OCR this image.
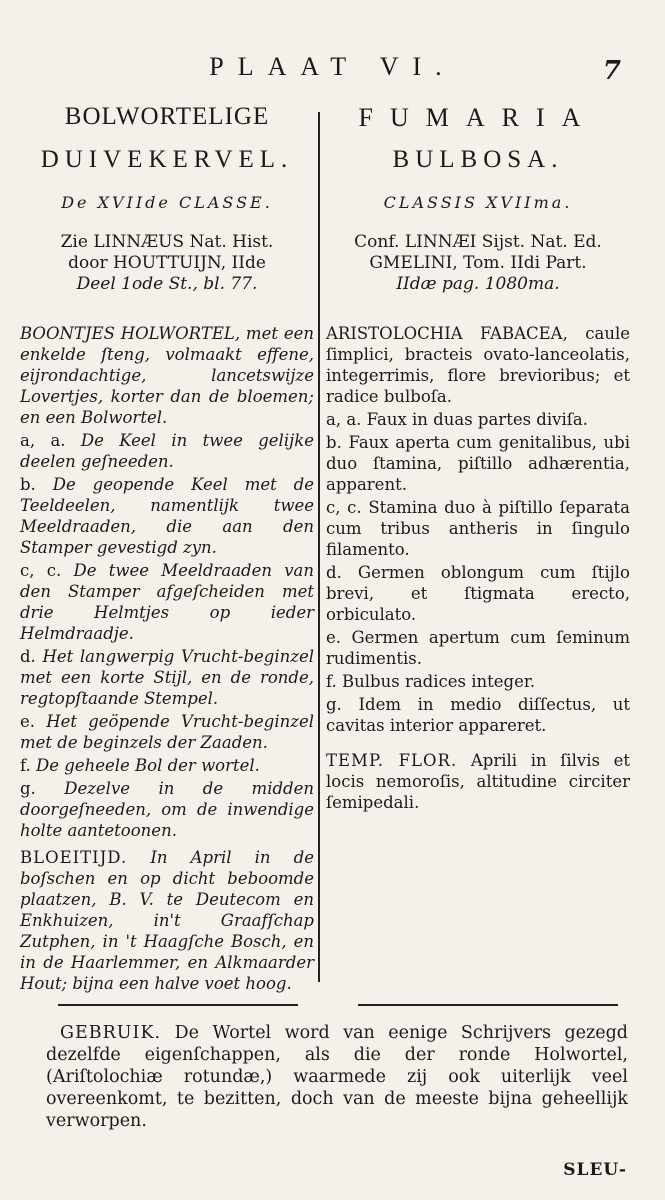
PLAAT VI.	7
BOLWORTELIGE
DUIVEKERVEL.
De XVIIde CLASSE.
Zie LINNÆUS Nat. Hist.
door HOUTTUIJN, IIde
Deel 1ode St., bl. 77.
BOONTJES HOLWORTEL, met een enkelde ſteng, volmaakt effene, eijrondachtige, lancetswijze Lovertjes, korter dan de bloemen; en een Bolwortel.
a, a. De Keel in twee gelijke deelen geſneeden.
b. De geopende Keel met de Teeldeelen, namentlijk twee Meeldraaden, die aan den Stamper gevestigd zyn.
c, c. De twee Meeldraaden van den Stamper afgeſcheiden met drie Helmtjes op ieder Helmdraadje.
d. Het langwerpig Vrucht-beginzel met een korte Stijl, en de ronde, regtopſtaande Stempel.
e. Het geöpende Vrucht-beginzel met de beginzels der Zaaden.
f. De geheele Bol der wortel.
g. Dezelve in de midden doorgeſneeden, om de inwendige holte aantetoonen.
BLOEITIJD. In April in de boſschen en op dicht beboomde plaatzen, B. V. te Deutecom en Enkhuizen, in't Graafſchap Zutphen, in 't Haagſche Bosch, en in de Haarlemmer, en Alkmaarder Hout; bijna een halve voet hoog.
FUMARIA
BULBOSA.
CLASSIS XVIIma.
Conf. LINNÆI Sijst. Nat. Ed.
GMELINI, Tom. IIdi Part.
IIdæ pag. 1080ma.
ARISTOLOCHIA FABACEA, caule ſimplici, bracteis ovato-lanceolatis, integerrimis, flore breviοribus; et radice bulboſa.
a, a. Faux in duas partes diviſa.
b. Faux aperta cum genitalibus, ubi duo ſtamina, piſtillo adhærentia, apparent.
c, c. Stamina duo à piſtillo ſeparata cum tribus antheris in ſingulo filamento.
d. Germen oblongum cum ſtijlo brevi, et ſtigmata erecto, orbiculato.
e. Germen apertum cum ſeminum rudimentis.
f. Bulbus radices integer.
g. Idem in medio diſſectus, ut cavitas interior appareret.
TEMP. FLOR. Aprili in ſilvis et locis nemoroſis, altitudine circiter ſemipedali.
GEBRUIK. De Wortel word van eenige Schrijvers gezegd dezelfde eigenſchappen, als die der ronde Holwortel, (Ariſtolochiæ rotundæ,) waarmede zij ook uiterlijk veel overeenkomt, te bezitten, doch van de meeste bijna geheellijk verworpen.
SLEU-
